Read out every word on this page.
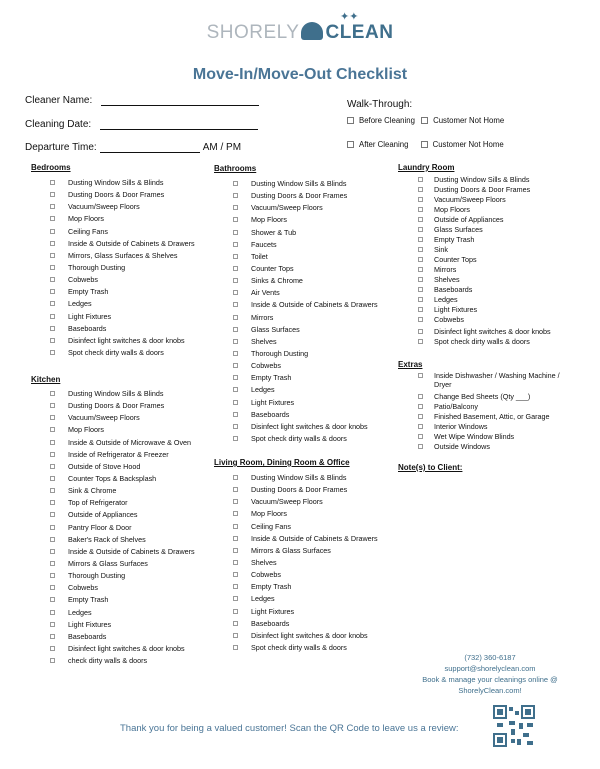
✦✦
SHORELY CLEAN
Move-In/Move-Out Checklist
Cleaner Name:
Cleaning Date:
Departure Time:	AM / PM
Walk-Through:
Before Cleaning Customer Not Home
After Cleaning	Customer Not Home
Bedrooms
Dusting Window Sills & Blinds
Dusting Doors & Door Frames
Vacuum/Sweep Floors
Mop Floors
Ceiling Fans
Inside & Outside of Cabinets & Drawers
Mirrors, Glass Surfaces & Shelves
Thorough Dusting
Cobwebs
Empty Trash
Ledges
Light Fixtures
Baseboards
Disinfect light switches & door knobs
Spot check dirty walls & doors
Kitchen
Dusting Window Sills & Blinds
Dusting Doors & Door Frames
Vacuum/Sweep Floors
Mop Floors
Inside & Outside of Microwave & Oven
Inside of Refrigerator & Freezer
Outside of Stove Hood
Counter Tops & Backsplash
Sink & Chrome
Top of Refrigerator
Outside of Appliances
Pantry Floor & Door
Baker's Rack of Shelves
Inside & Outside of Cabinets & Drawers
Mirrors & Glass Surfaces
Thorough Dusting
Cobwebs
Empty Trash
Ledges
Light Fixtures
Baseboards
Disinfect light switches & door knobs
check dirty walls & doors
Bathrooms
Dusting Window Sills & Blinds
Dusting Doors & Door Frames
Vacuum/Sweep Floors
Mop Floors
Shower & Tub
Faucets
Toilet
Counter Tops
Sinks & Chrome
Air Vents
Inside & Outside of Cabinets & Drawers
Mirrors
Glass Surfaces
Shelves
Thorough Dusting
Cobwebs
Empty Trash
Ledges
Light Fixtures
Baseboards
Disinfect light switches & door knobs
Spot check dirty walls & doors
Living Room, Dining Room & Office
Dusting Window Sills & Blinds
Dusting Doors & Door Frames
Vacuum/Sweep Floors
Mop Floors
Ceiling Fans
Inside & Outside of Cabinets & Drawers
Mirrors & Glass Surfaces
Shelves
Cobwebs
Empty Trash
Ledges
Light Fixtures
Baseboards
Disinfect light switches & door knobs
Spot check dirty walls & doors
Laundry Room
Dusting Window Sills & Blinds
Dusting Doors & Door Frames
Vacuum/Sweep Floors
Mop Floors
Outside of Appliances
Glass Surfaces
Empty Trash
Sink
Counter Tops
Mirrors
Shelves
Baseboards
Ledges
Light Fixtures
Cobwebs
Disinfect light switches & door knobs
Spot check dirty walls & doors
Extras
Inside Dishwasher / Washing Machine /
Dryer
Change Bed Sheets (Qty ___)
Patio/Balcony
Finished Basement, Attic, or Garage
Interior Windows
Wet Wipe Window Blinds
Outside Windows
Note(s) to Client:
(732) 360-6187
support@shorelyclean.com
Book & manage your cleanings online @
ShorelyClean.com!
Thank you for being a valued customer! Scan the QR Code to leave us a review:
